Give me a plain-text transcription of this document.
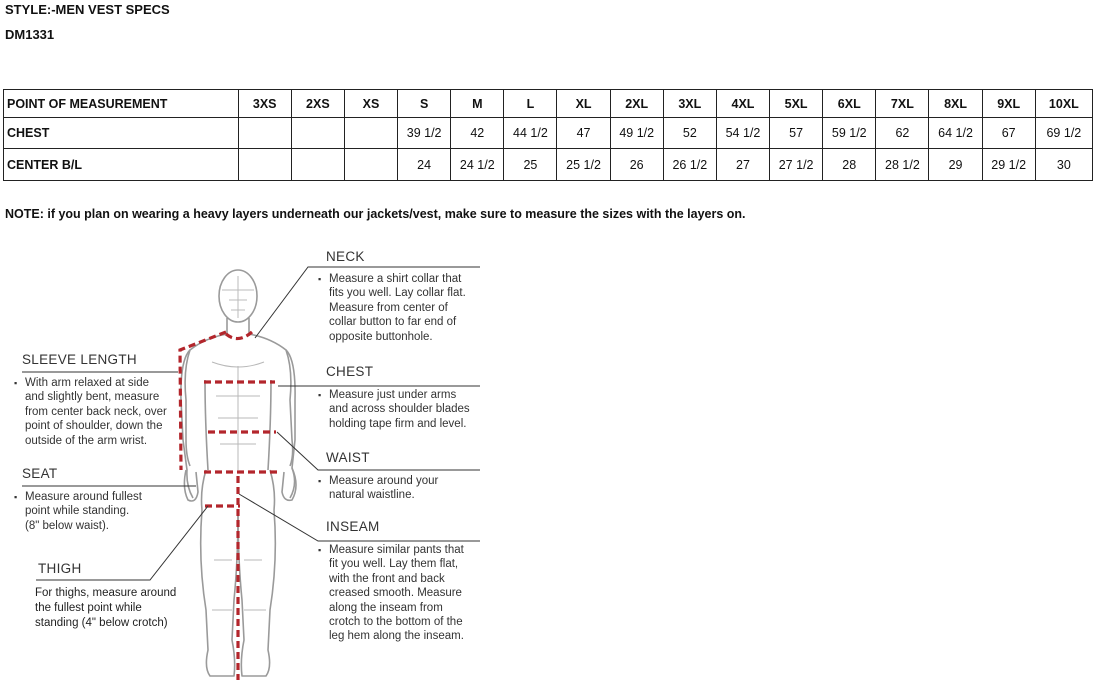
STYLE:-MEN VEST SPECS
DM1331
POINT OF MEASUREMENT	3XS	2XS	XS	S	M	L	XL	2XL	3XL	4XL	5XL	6XL	7XL	8XL	9XL	10XL
CHEST				39 1/2	42	44 1/2	47	49 1/2	52	54 1/2	57	59 1/2	62	64 1/2	67	69 1/2
CENTER B/L				24	24 1/2	25	25 1/2	26	26 1/2	27	27 1/2	28	28 1/2	29	29 1/2	30
NOTE: if you plan on wearing a heavy layers underneath our jackets/vest, make sure to measure the sizes with the layers on.
NECK
▪ Measure a shirt collar that
fits you well. Lay collar flat.
Measure from center of
collar button to far end of
opposite buttonhole.
CHEST
▪ Measure just under arms
and across shoulder blades
holding tape firm and level.
WAIST
▪ Measure around your
natural waistline.
INSEAM
▪ Measure similar pants that
fit you well. Lay them flat,
with the front and back
creased smooth. Measure
along the inseam from
crotch to the bottom of the
leg hem along the inseam.
SLEEVE LENGTH
▪ With arm relaxed at side
and slightly bent, measure
from center back neck, over
point of shoulder, down the
outside of the arm wrist.
SEAT
▪ Measure around fullest
point while standing.
(8" below waist).
THIGH
For thighs, measure around
the fullest point while
standing (4" below crotch)
